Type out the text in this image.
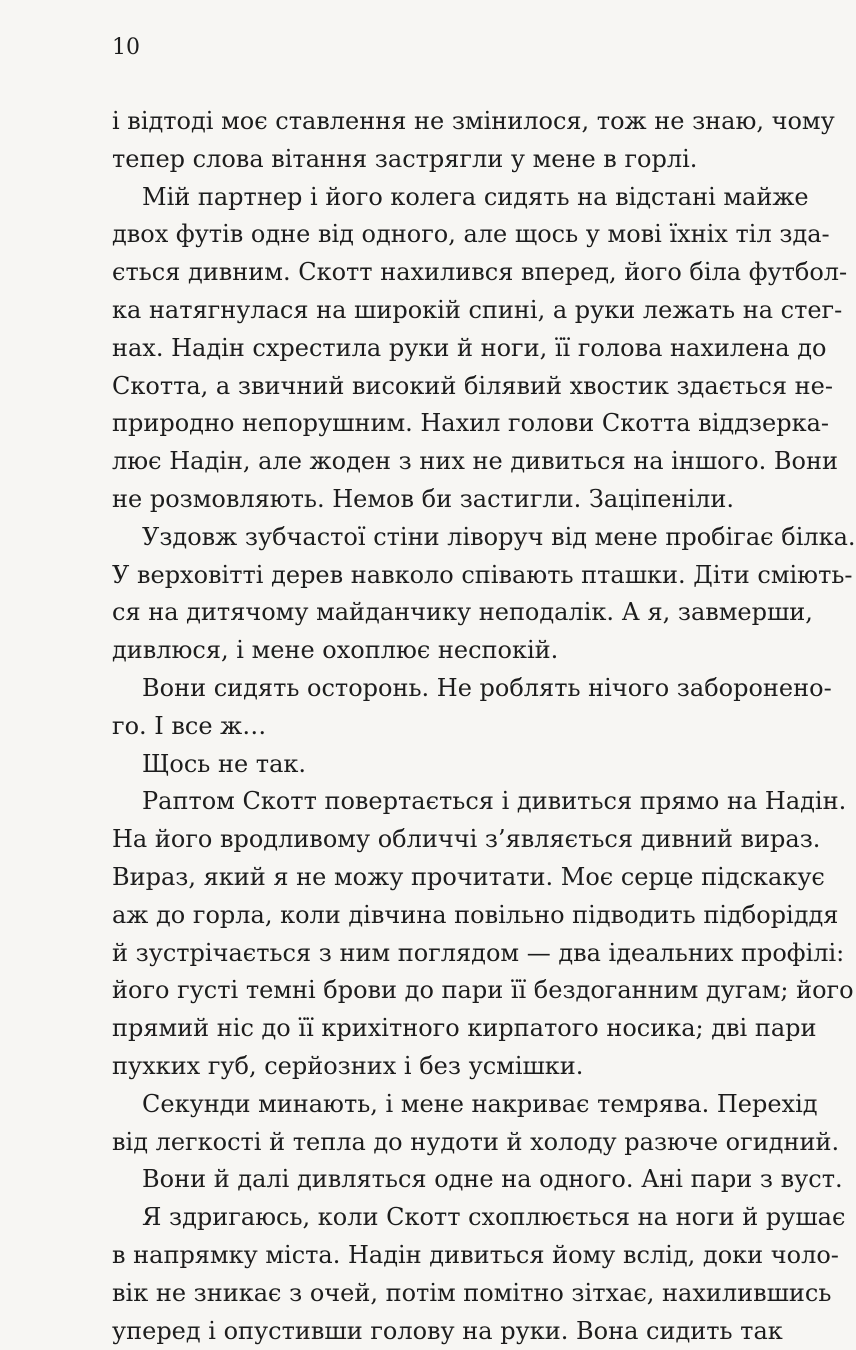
10
і відтоді моє ставлення не змінилося, тож не знаю, чому
тепер слова вітання застрягли у мене в горлі.
Мій партнер і його колега сидять на відстані майже
двох футів одне від одного, але щось у мові їхніх тіл зда-
ється дивним. Скотт нахилився вперед, його біла футбол-
ка натягнулася на широкій спині, а руки лежать на стег-
нах. Надін схрестила руки й ноги, її голова нахилена до
Скотта, а звичний високий білявий хвостик здається не-
природно непорушним. Нахил голови Скотта віддзеркa-
лює Надін, але жоден з них не дивиться на іншого. Вони
не розмовляють. Немов би застигли. Заціпеніли.
Уздовж зубчастої стіни ліворуч від мене пробігає білка.
У верховітті дерев навколо співають пташки. Діти сміють-
ся на дитячому майданчику неподалік. А я, завмерши,
дивлюся, і мене охоплює неспокій.
Вони сидять осторонь. Не роблять нічого забороненo-
го. І все ж…
Щось не так.
Раптом Скотт повертається і дивиться прямо на Надін.
На його вродливому обличчі з’являється дивний вираз.
Вираз, який я не можу прочитати. Моє серце підскакує
аж до горла, коли дівчина повільно підводить підборіддя
й зустрічається з ним поглядом — два ідеальних профілі:
його густі темні брови до пари її бездоганним дугам; його
прямий ніс до її крихітного кирпатого носика; дві пари
пухких губ, серйозних і без усмішки.
Секунди минають, і мене накриває темрява. Перехід
від легкості й тепла до нудоти й холоду разюче огидний.
Вони й далі дивляться одне на одного. Ані пари з вуст.
Я здригаюсь, коли Скотт схоплюється на ноги й рушає
в напрямку міста. Надін дивиться йому вслід, доки чоло-
вік не зникає з очей, потім помітно зітхає, нахилившись
уперед і опустивши голову на руки. Вона сидить так
